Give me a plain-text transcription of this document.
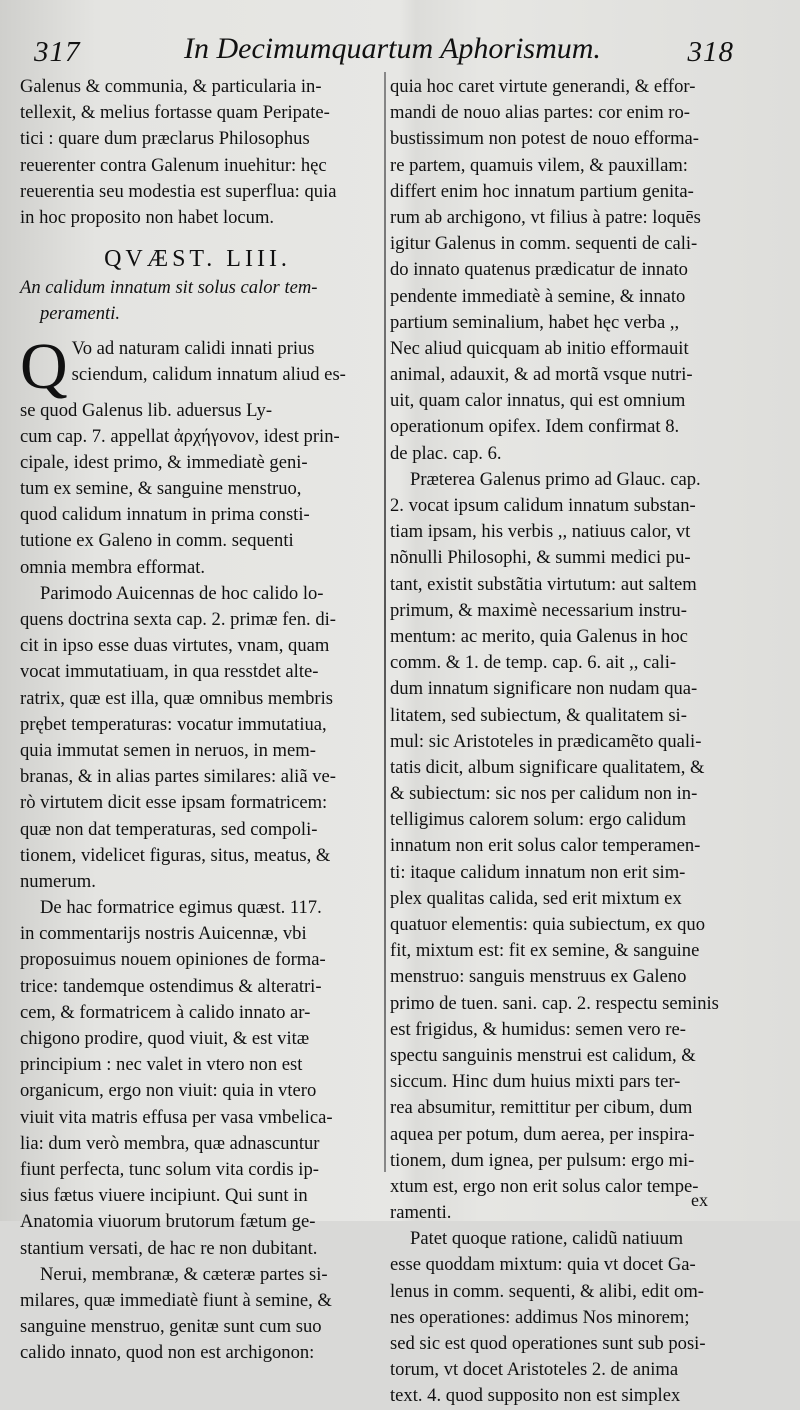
317	In Decimumquartum Aphorismum.	318
Galenus & communia, & particularia in-
tellexit, & melius fortasse quam Peripate-
tici : quare dum præclarus Philosophus
reuerenter contra Galenum inuehitur: hęc
reuerentia seu modestia est superflua: quia
in hoc proposito non habet locum.
QVÆST. LIII.
An calidum innatum sit solus calor tem-
peramenti.
Q Vo ad naturam calidi innati prius
sciendum, calidum innatum aliud es-
se quod Galenus lib. aduersus Ly-
cum cap. 7. appellat ἀρχήγονον, idest prin-
cipale, idest primo, & immediatè geni-
tum ex semine, & sanguine menstruo,
quod calidum innatum in prima consti-
tutione ex Galeno in comm. sequenti
omnia membra efformat.
Parimodo Auicennas de hoc calido lo-
quens doctrina sexta cap. 2. primæ fen. di-
cit in ipso esse duas virtutes, vnam, quam
vocat immutatiuam, in qua resstdet alte-
ratrix, quæ est illa, quæ omnibus membris
prębet temperaturas: vocatur immutatiua,
quia immutat semen in neruos, in mem-
branas, & in alias partes similares: aliã ve-
rò virtutem dicit esse ipsam formatricem:
quæ non dat temperaturas, sed compoli-
tionem, videlicet figuras, situs, meatus, &
numerum.
De hac formatrice egimus quæst. 117.
in commentarijs nostris Auicennæ, vbi
proposuimus nouem opiniones de forma-
trice: tandemque ostendimus & alteratri-
cem, & formatricem à calido innato ar-
chigono prodire, quod viuit, & est vitæ
principium : nec valet in vtero non est
organicum, ergo non viuit: quia in vtero
viuit vita matris effusa per vasa vmbelica-
lia: dum verò membra, quæ adnascuntur
fiunt perfecta, tunc solum vita cordis ip-
sius fætus viuere incipiunt. Qui sunt in
Anatomia viuorum brutorum fætum ge-
stantium versati, de hac re non dubitant.
Nerui, membranæ, & cæteræ partes si-
milares, quæ immediatè fiunt à semine, &
sanguine menstruo, genitæ sunt cum suo
calido innato, quod non est archigonon:
quia hoc caret virtute generandi, & effor-
mandi de nouo alias partes: cor enim ro-
bustissimum non potest de nouo efforma-
re partem, quamuis vilem, & pauxillam:
differt enim hoc innatum partium genita-
rum ab archigono, vt filius à patre: loquēs
igitur Galenus in comm. sequenti de cali-
do innato quatenus prædicatur de innato
pendente immediatè à semine, & innato
partium seminalium, habet hęc verba ,,
Nec aliud quicquam ab initio efformauit
animal, adauxit, & ad mortã vsque nutri-
uit, quam calor innatus, qui est omnium
operationum opifex. Idem confirmat 8.
de plac. cap. 6.
Præterea Galenus primo ad Glauc. cap.
2. vocat ipsum calidum innatum substan-
tiam ipsam, his verbis ,, natiuus calor, vt
nõnulli Philosophi, & summi medici pu-
tant, existit substãtia virtutum: aut saltem
primum, & maximè necessarium instru-
mentum: ac merito, quia Galenus in hoc
comm. & 1. de temp. cap. 6. ait ,, cali-
dum innatum significare non nudam qua-
litatem, sed subiectum, & qualitatem si-
mul: sic Aristoteles in prædicamẽto quali-
tatis dicit, album significare qualitatem, &
& subiectum: sic nos per calidum non in-
telligimus calorem solum: ergo calidum
innatum non erit solus calor temperamen-
ti: itaque calidum innatum non erit sim-
plex qualitas calida, sed erit mixtum ex
quatuor elementis: quia subiectum, ex quo
fit, mixtum est: fit ex semine, & sanguine
menstruo: sanguis menstruus ex Galeno
primo de tuen. sani. cap. 2. respectu seminis
est frigidus, & humidus: semen vero re-
spectu sanguinis menstrui est calidum, &
siccum. Hinc dum huius mixti pars ter-
rea absumitur, remittitur per cibum, dum
aquea per potum, dum aerea, per inspira-
tionem, dum ignea, per pulsum: ergo mi-
xtum est, ergo non erit solus calor tempe-
ramenti.
Patet quoque ratione, calidũ natiuum
esse quoddam mixtum: quia vt docet Ga-
lenus in comm. sequenti, & alibi, edit om-
nes operationes: addimus Nos minorem;
sed sic est quod operationes sunt sub posi-
torum, vt docet Aristoteles 2. de anima
text. 4. quod supposito non est simplex
ex
